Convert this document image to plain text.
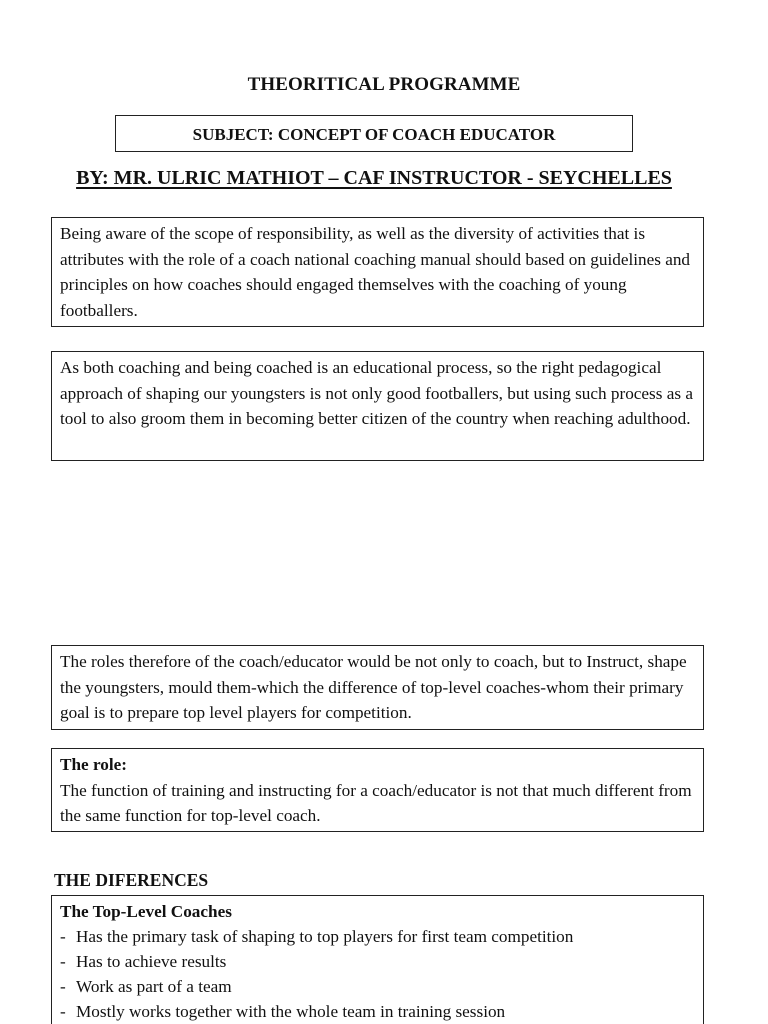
THEORITICAL PROGRAMME
SUBJECT: CONCEPT OF COACH EDUCATOR
BY: MR. ULRIC MATHIOT – CAF INSTRUCTOR - SEYCHELLES

Being aware of the scope of responsibility, as well as the diversity of activities that is attributes with the role of a coach national coaching manual should based on guidelines and principles on how coaches should engaged themselves with the coaching of young footballers.

As both coaching and being coached is an educational process, so the right pedagogical approach of shaping our youngsters is not only good footballers, but using such process as a tool to also groom them in becoming better citizen of the country when reaching adulthood.

The roles therefore of the coach/educator would be not only to coach, but to Instruct, shape the youngsters, mould them-which the difference of top-level coaches-whom their primary goal is to prepare top level players for competition.

The role:

The function of training and instructing for a coach/educator is not that much different from the same function for top-level coach.

THE DIFERENCES

The Top-Level Coaches

- Has the primary task of shaping to top players for first team competition
- Has to achieve results
- Work as part of a team
- Mostly works together with the whole team in training session
